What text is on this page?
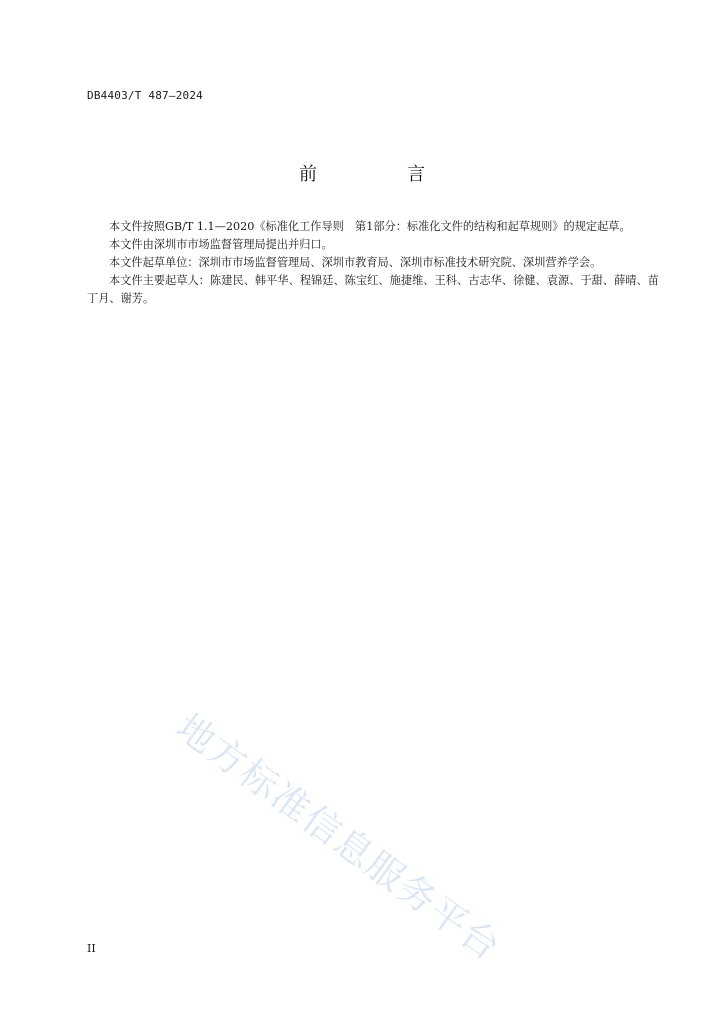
DB4403/T 487—2024
前　言

本文件按照GB/T 1.1—2020《标准化工作导则　第1部分：标准化文件的结构和起草规则》的规定起草。

本文件由深圳市市场监督管理局提出并归口。

本文件起草单位：深圳市市场监督管理局、深圳市教育局、深圳市标准技术研究院、深圳营养学会。

本文件主要起草人：陈建民、韩平华、程锦廷、陈宝红、施捷维、王科、古志华、徐健、袁源、于甜、薛晴、苗丁月、谢芳。

地方标准信息服务平台
II
